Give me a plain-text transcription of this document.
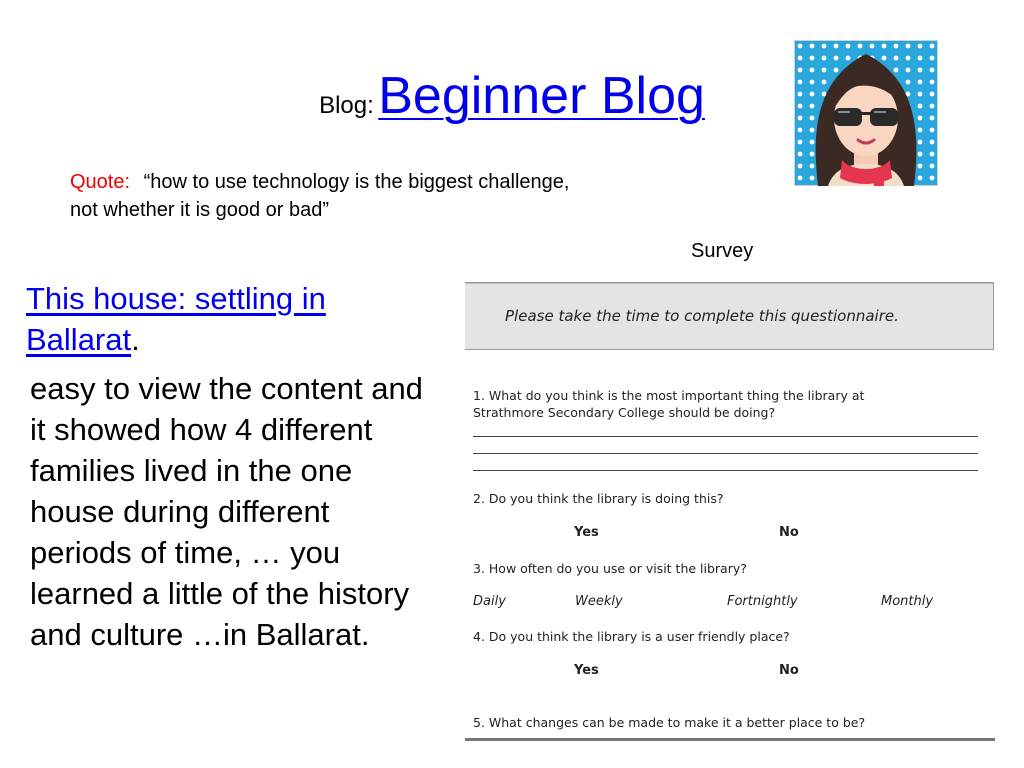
Blog: Beginner Blog
Quote: “how to use technology is the biggest challenge, not whether it is good or bad”
Survey
This house: settling in Ballarat.
easy to view the content and it showed how 4 different families lived in the one house during different periods of time, … you learned a little of the history and culture …in Ballarat.
Please take the time to complete this questionnaire.
1. What do you think is the most important thing the library at
Strathmore Secondary College should be doing?
2. Do you think the library is doing this?
Yes	No
3. How often do you use or visit the library?
Daily	Weekly	Fortnightly	Monthly
4. Do you think the library is a user friendly place?
Yes	No
5. What changes can be made to make it a better place to be?
